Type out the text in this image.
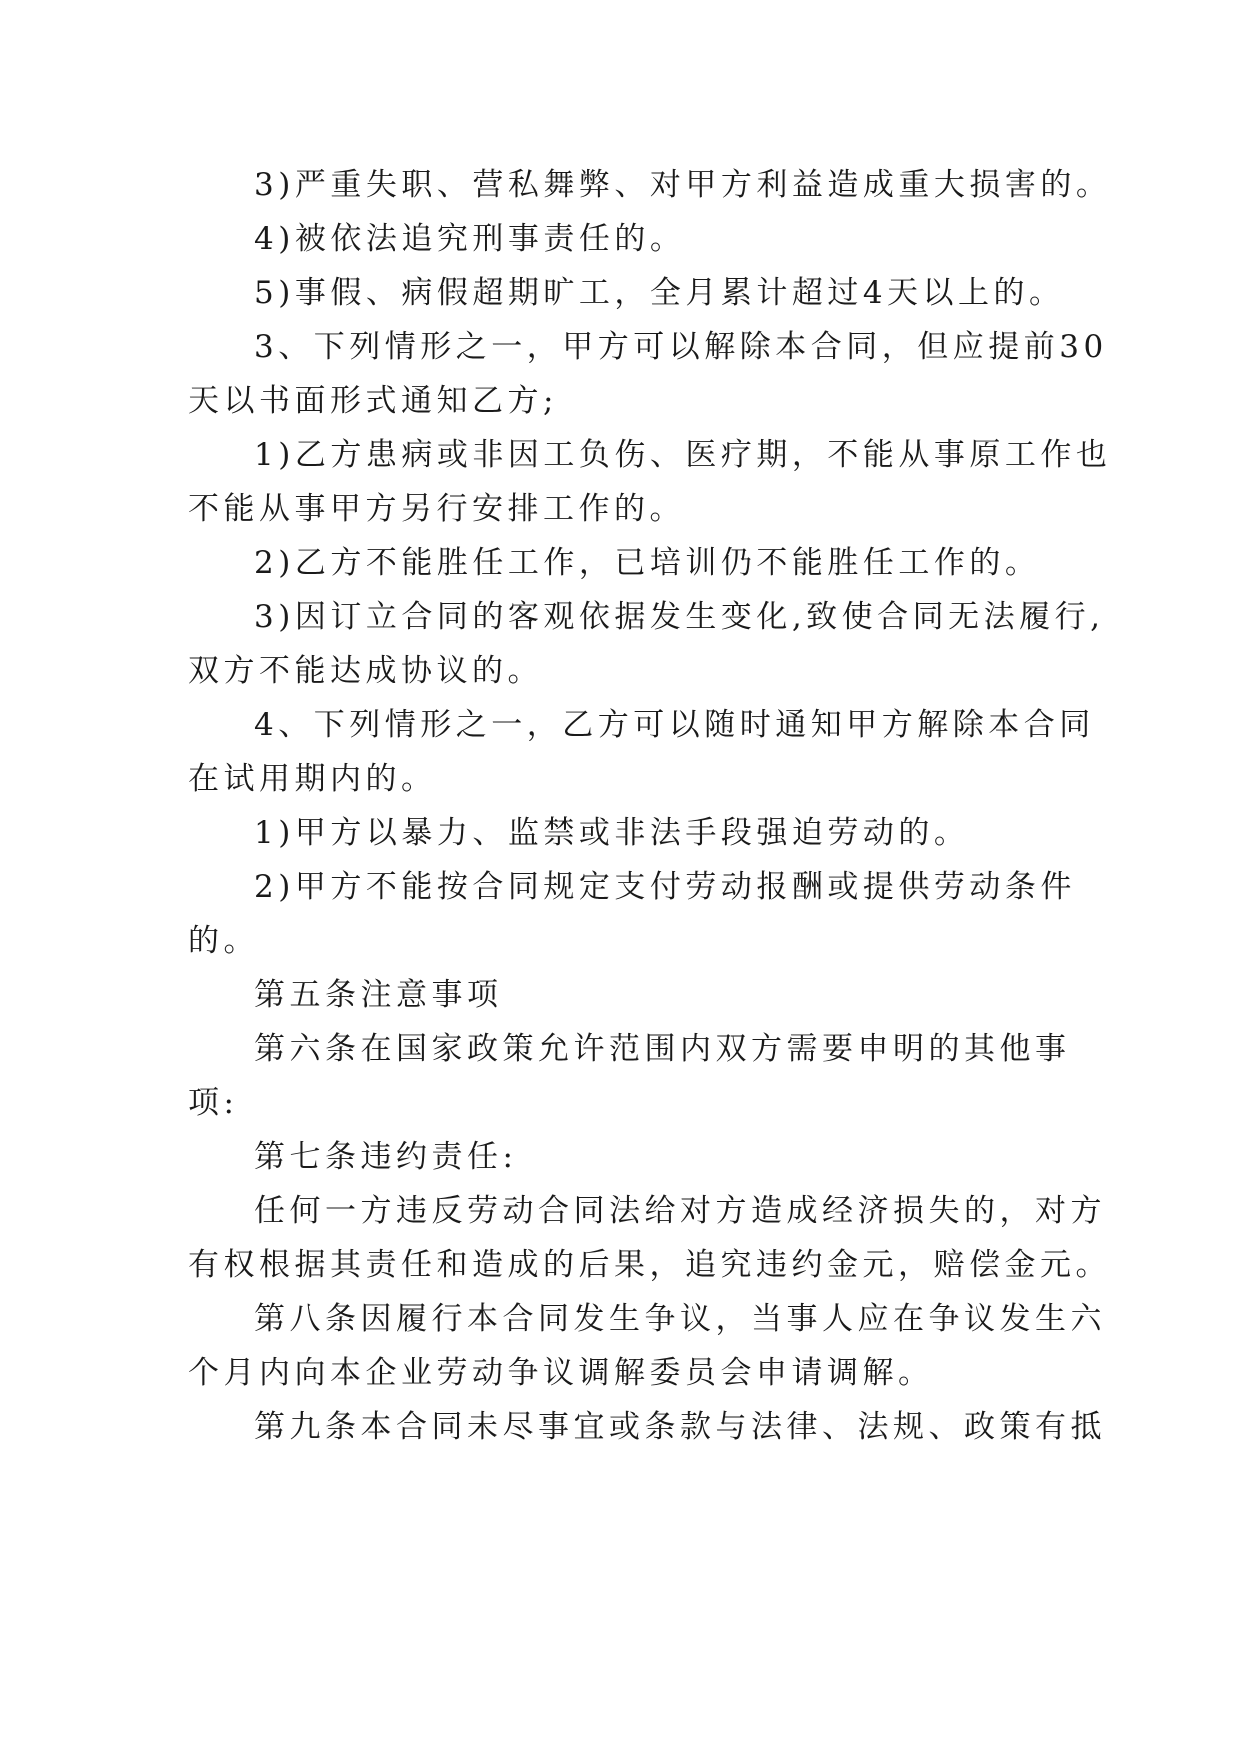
3)严重失职、营私舞弊、对甲方利益造成重大损害的。
4)被依法追究刑事责任的。
5)事假、病假超期旷工，全月累计超过4天以上的。
3、下列情形之一，甲方可以解除本合同，但应提前30
天以书面形式通知乙方;
1)乙方患病或非因工负伤、医疗期，不能从事原工作也
不能从事甲方另行安排工作的。
2)乙方不能胜任工作，已培训仍不能胜任工作的。
3)因订立合同的客观依据发生变化,致使合同无法履行,
双方不能达成协议的。
4、下列情形之一，乙方可以随时通知甲方解除本合同
在试用期内的。
1)甲方以暴力、监禁或非法手段强迫劳动的。
2)甲方不能按合同规定支付劳动报酬或提供劳动条件
的。
第五条注意事项
第六条在国家政策允许范围内双方需要申明的其他事
项:
第七条违约责任:
任何一方违反劳动合同法给对方造成经济损失的，对方
有权根据其责任和造成的后果，追究违约金元，赔偿金元。
第八条因履行本合同发生争议，当事人应在争议发生六
个月内向本企业劳动争议调解委员会申请调解。
第九条本合同未尽事宜或条款与法律、法规、政策有抵
